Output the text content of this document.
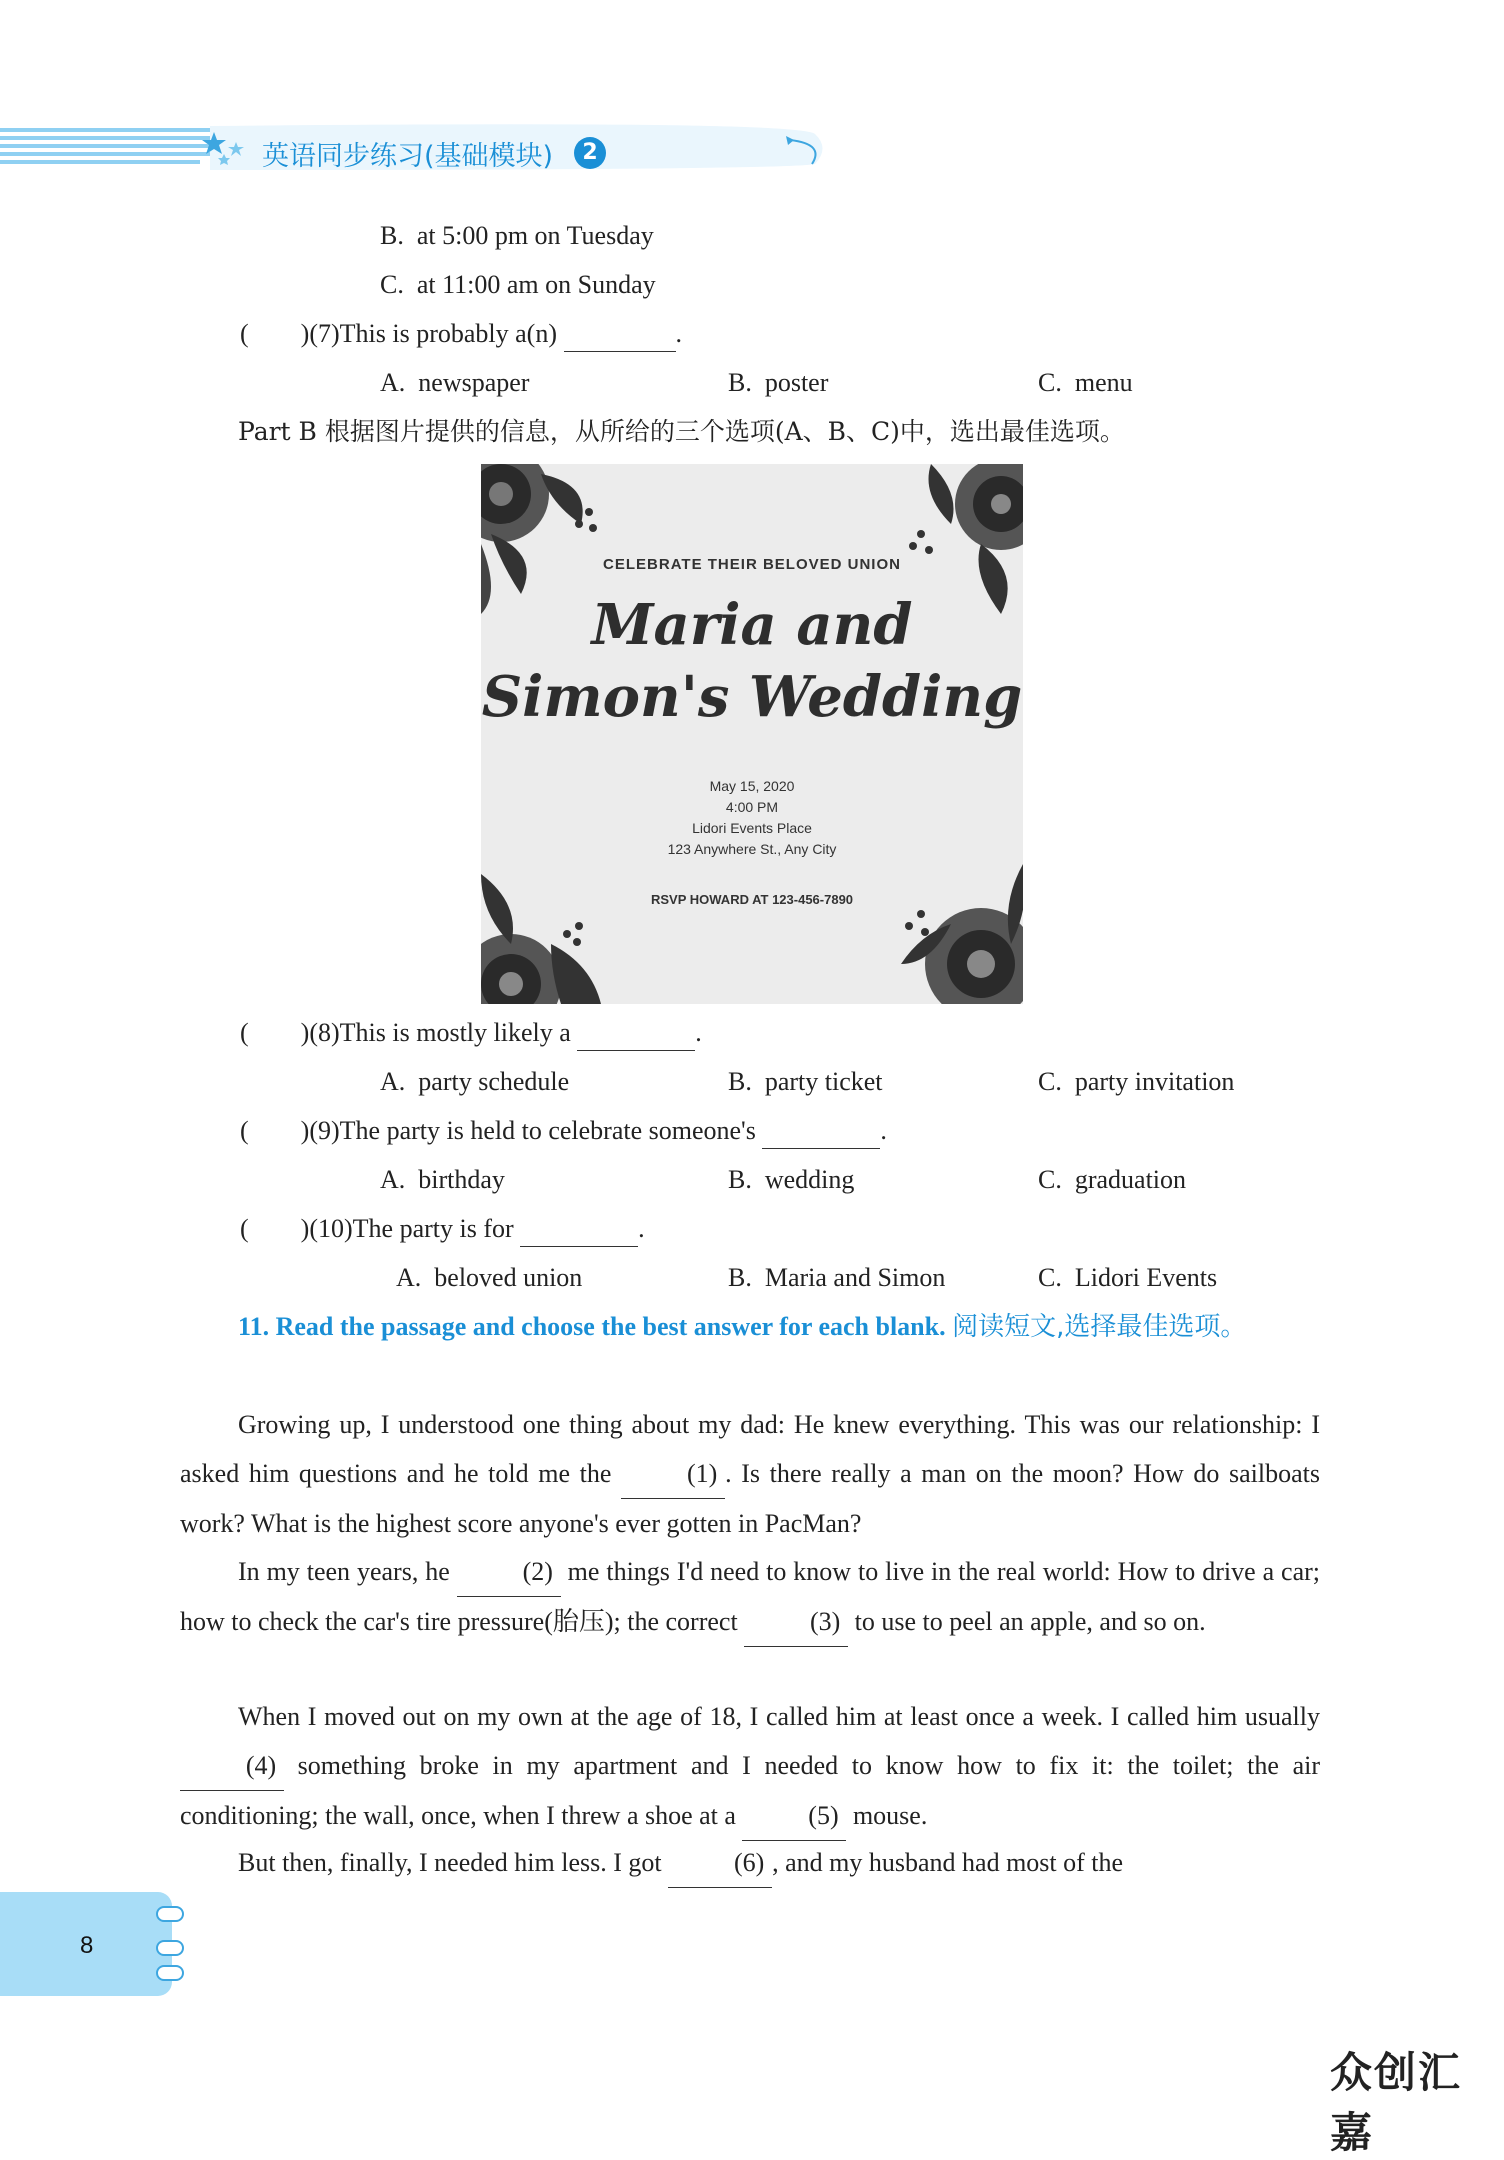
英语同步练习(基础模块)	2
B.  at 5:00 pm on Tuesday
C.  at 11:00 am on Sunday
(        )(7)This is probably a(n)	.
A.  newspaper	B.  poster	C.  menu
Part B 根据图片提供的信息，从所给的三个选项(A、B、C)中，选出最佳选项。
CELEBRATE THEIR BELOVED UNION
Maria and
Simon's Wedding
May 15, 2020
4:00 PM
Lidori Events Place
123 Anywhere St., Any City
RSVP HOWARD AT 123-456-7890
(        )(8)This is mostly likely a	.
A.  party schedule	B.  party ticket	C.  party invitation
(        )(9)The party is held to celebrate someone's	.
A.  birthday	B.  wedding	C.  graduation
(        )(10)The party is for	.
A.  beloved union	B.  Maria and Simon	C.  Lidori Events
11. Read the passage and choose the best answer for each blank. 阅读短文,选择最佳选项。
Growing up, I understood one thing about my dad: He knew everything. This was our relationship: I asked him questions and he told me the	(1) . Is there really a man on the moon? How do sailboats work? What is the highest score anyone's ever gotten in PacMan?
In my teen years, he	(2) me things I'd need to know to live in the real world: How to drive a car; how to check the car's tire pressure(胎压); the correct	(3) to use to peel an apple, and so on.
When I moved out on my own at the age of 18, I called him at least once a week. I called him usually (4) something broke in my apartment and I needed to know how to fix it: the toilet; the air conditioning; the wall, once, when I threw a shoe at a	(5) mouse.
But then, finally, I needed him less. I got	(6) , and my husband had most of the
8
众创汇嘉
